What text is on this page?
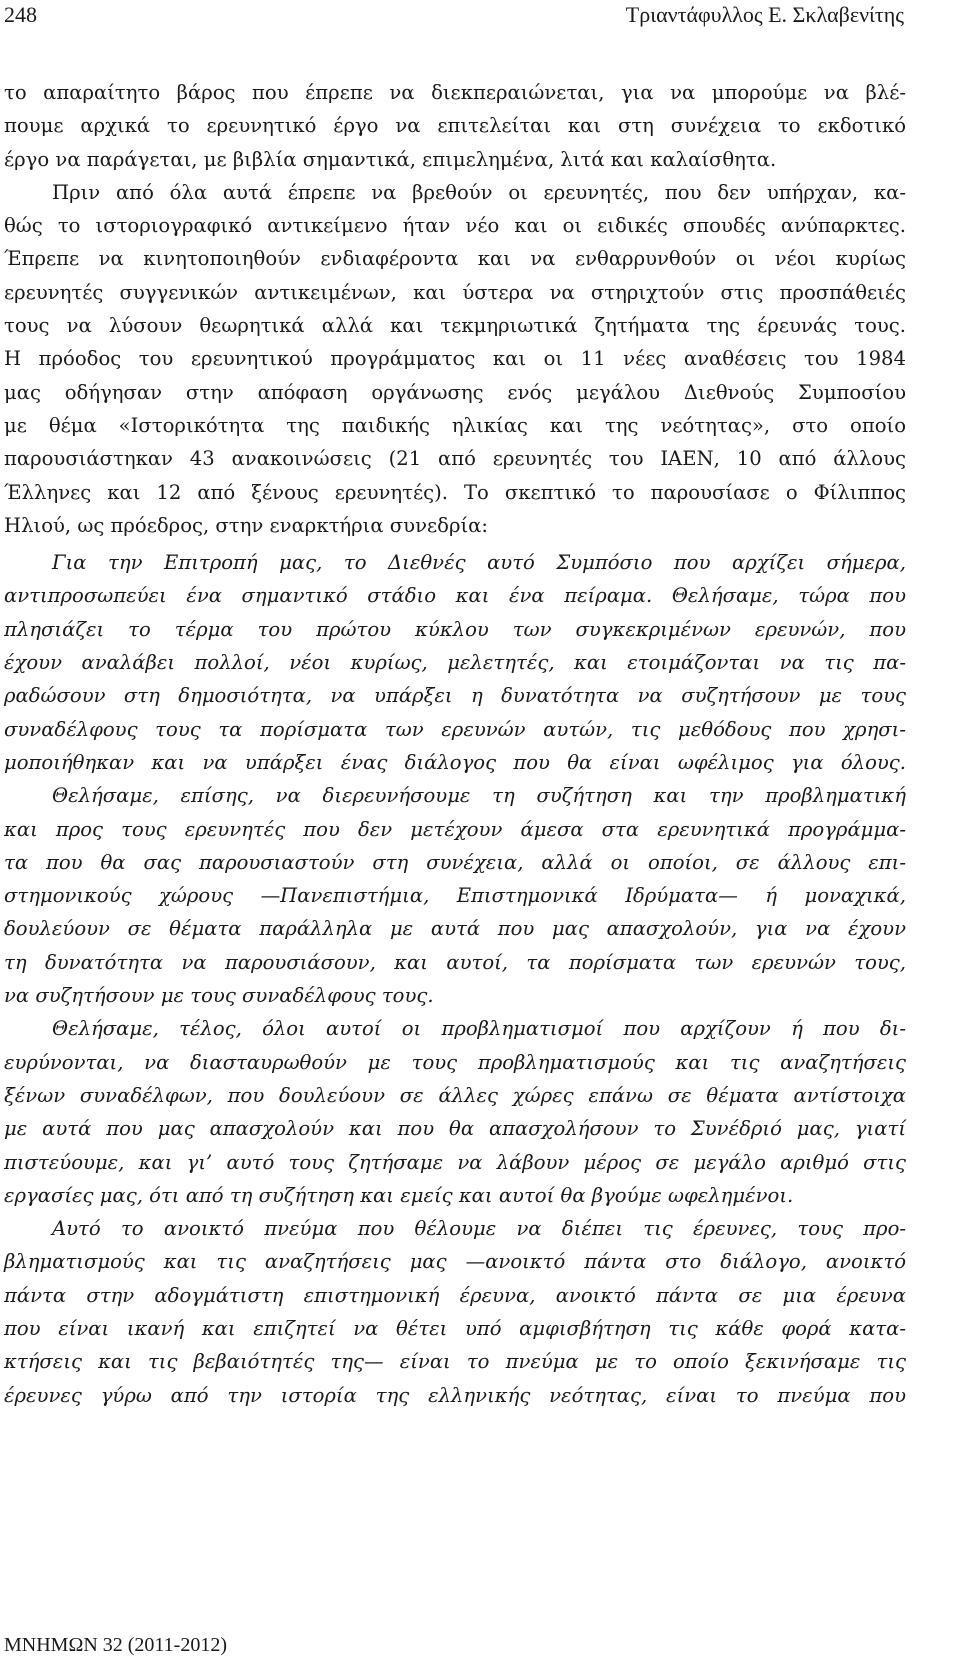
248	Τριαντάφυλλος Ε. Σκλαβενίτης
το απαραίτητο βάρος που έπρεπε να διεκπεραιώνεται, για να μπορούμε να βλέ-
πουμε αρχικά το ερευνητικό έργο να επιτελείται και στη συνέχεια το εκδοτικό
έργο να παράγεται, με βιβλία σημαντικά, επιμελημένα, λιτά και καλαίσθητα.
Πριν από όλα αυτά έπρεπε να βρεθούν οι ερευνητές, που δεν υπήρχαν, κα-
θώς το ιστοριογραφικό αντικείμενο ήταν νέο και οι ειδικές σπουδές ανύπαρκτες.
Έπρεπε να κινητοποιηθούν ενδιαφέροντα και να ενθαρρυνθούν οι νέοι κυρίως
ερευνητές συγγενικών αντικειμένων, και ύστερα να στηριχτούν στις προσπάθειές
τους να λύσουν θεωρητικά αλλά και τεκμηριωτικά ζητήματα της έρευνάς τους.
Η πρόοδος του ερευνητικού προγράμματος και οι 11 νέες αναθέσεις του 1984
μας οδήγησαν στην απόφαση οργάνωσης ενός μεγάλου Διεθνούς Συμποσίου
με θέμα «Ιστορικότητα της παιδικής ηλικίας και της νεότητας», στο οποίο
παρουσιάστηκαν 43 ανακοινώσεις (21 από ερευνητές του ΙΑΕΝ, 10 από άλλους
Έλληνες και 12 από ξένους ερευνητές). Το σκεπτικό το παρουσίασε ο Φίλιππος
Ηλιού, ως πρόεδρος, στην εναρκτήρια συνεδρία:
Για την Επιτροπή μας, το Διεθνές αυτό Συμπόσιο που αρχίζει σήμερα,
αντιπροσωπεύει ένα σημαντικό στάδιο και ένα πείραμα. Θελήσαμε, τώρα που
πλησιάζει το τέρμα του πρώτου κύκλου των συγκεκριμένων ερευνών, που
έχουν αναλάβει πολλοί, νέοι κυρίως, μελετητές, και ετοιμάζονται να τις πα-
ραδώσουν στη δημοσιότητα, να υπάρξει η δυνατότητα να συζητήσουν με τους
συναδέλφους τους τα πορίσματα των ερευνών αυτών, τις μεθόδους που χρησι-
μοποιήθηκαν και να υπάρξει ένας διάλογος που θα είναι ωφέλιμος για όλους.
Θελήσαμε, επίσης, να διερευνήσουμε τη συζήτηση και την προβληματική
και προς τους ερευνητές που δεν μετέχουν άμεσα στα ερευνητικά προγράμμα-
τα που θα σας παρουσιαστούν στη συνέχεια, αλλά οι οποίοι, σε άλλους επι-
στημονικούς χώρους —Πανεπιστήμια, Επιστημονικά Ιδρύματα— ή μοναχικά,
δουλεύουν σε θέματα παράλληλα με αυτά που μας απασχολούν, για να έχουν
τη δυνατότητα να παρουσιάσουν, και αυτοί, τα πορίσματα των ερευνών τους,
να συζητήσουν με τους συναδέλφους τους.
Θελήσαμε, τέλος, όλοι αυτοί οι προβληματισμοί που αρχίζουν ή που δι-
ευρύνονται, να διασταυρωθούν με τους προβληματισμούς και τις αναζητήσεις
ξένων συναδέλφων, που δουλεύουν σε άλλες χώρες επάνω σε θέματα αντίστοιχα
με αυτά που μας απασχολούν και που θα απασχολήσουν το Συνέδριό μας, γιατί
πιστεύουμε, και γι’ αυτό τους ζητήσαμε να λάβουν μέρος σε μεγάλο αριθμό στις
εργασίες μας, ότι από τη συζήτηση και εμείς και αυτοί θα βγούμε ωφελημένοι.
Αυτό το ανοικτό πνεύμα που θέλουμε να διέπει τις έρευνες, τους προ-
βληματισμούς και τις αναζητήσεις μας —ανοικτό πάντα στο διάλογο, ανοικτό
πάντα στην αδογμάτιστη επιστημονική έρευνα, ανοικτό πάντα σε μια έρευνα
που είναι ικανή και επιζητεί να θέτει υπό αμφισβήτηση τις κάθε φορά κατα-
κτήσεις και τις βεβαιότητές της— είναι το πνεύμα με το οποίο ξεκινήσαμε τις
έρευνες γύρω από την ιστορία της ελληνικής νεότητας, είναι το πνεύμα που
ΜΝΗΜΩΝ 32 (2011-2012)
